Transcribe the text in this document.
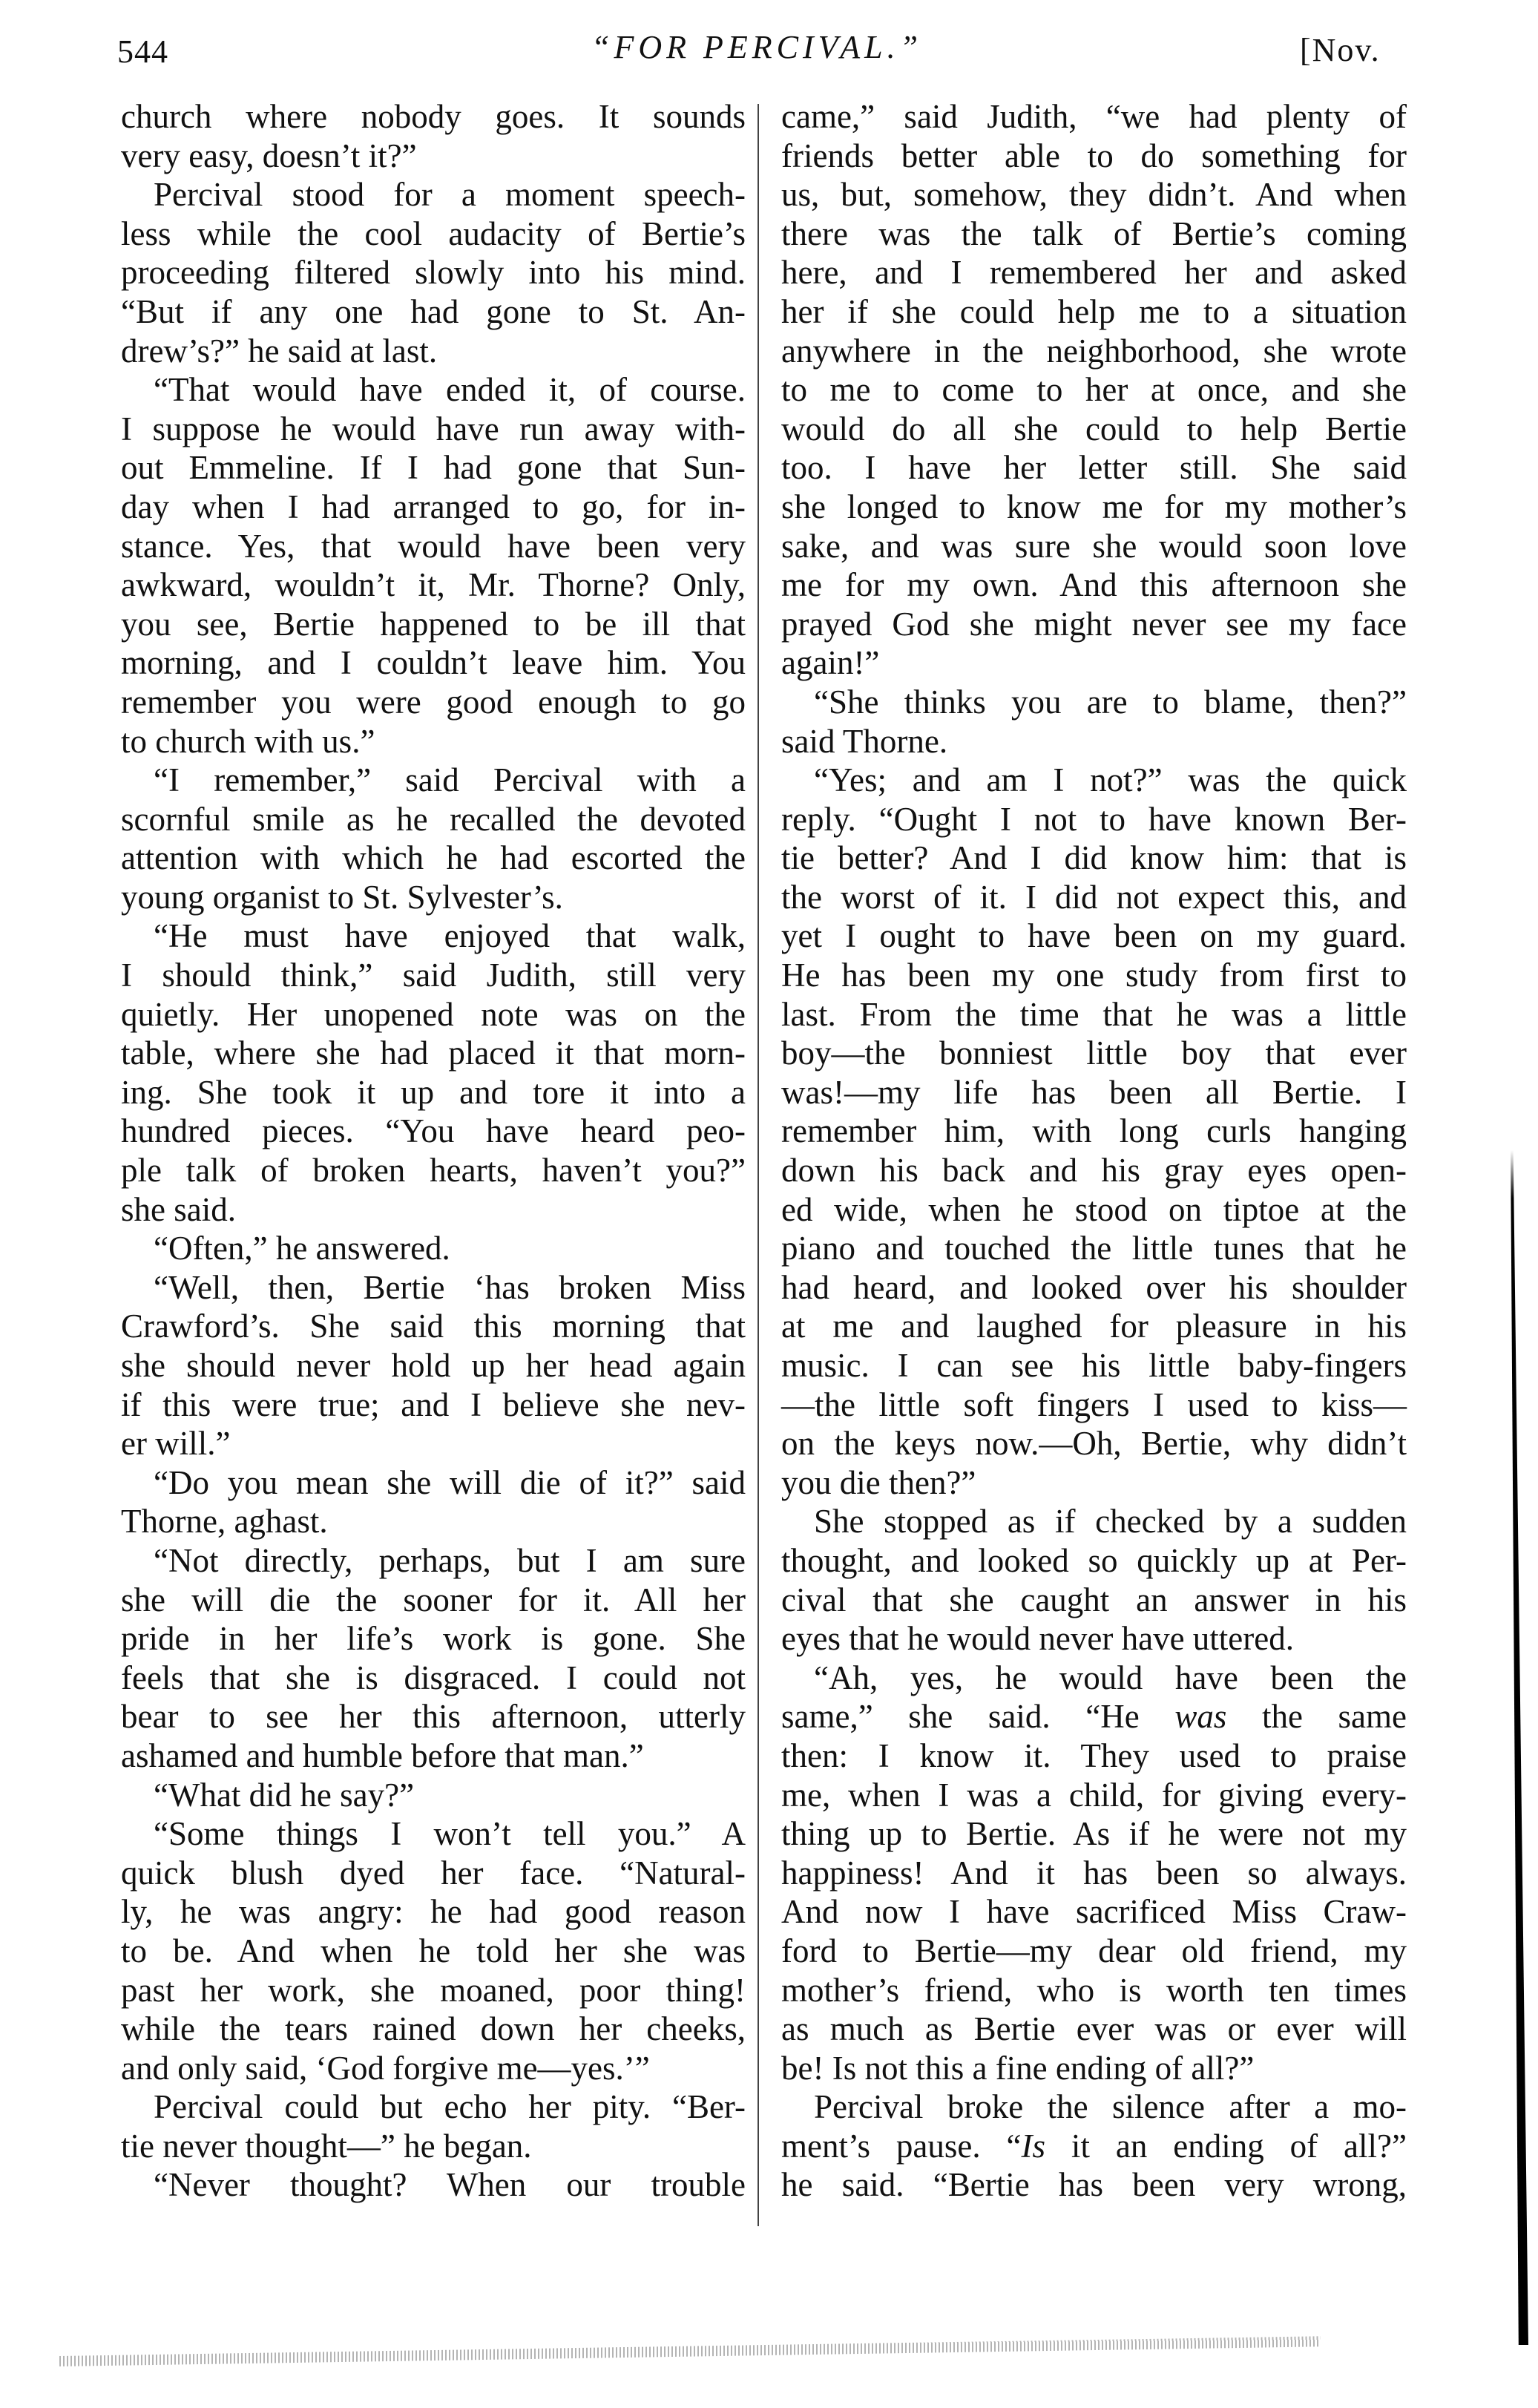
544	“FOR PERCIVAL.”	[Nov.
church where nobody goes. It sounds
very easy, doesn’t it?”
Percival stood for a moment speech-
less while the cool audacity of Bertie’s
proceeding filtered slowly into his mind.
“But if any one had gone to St. An-
drew’s?” he said at last.
“That would have ended it, of course.
I suppose he would have run away with-
out Emmeline. If I had gone that Sun-
day when I had arranged to go, for in-
stance. Yes, that would have been very
awkward, wouldn’t it, Mr. Thorne? Only,
you see, Bertie happened to be ill that
morning, and I couldn’t leave him. You
remember you were good enough to go
to church with us.”
“I remember,” said Percival with a
scornful smile as he recalled the devoted
attention with which he had escorted the
young organist to St. Sylvester’s.
“He must have enjoyed that walk,
I should think,” said Judith, still very
quietly. Her unopened note was on the
table, where she had placed it that morn-
ing. She took it up and tore it into a
hundred pieces. “You have heard peo-
ple talk of broken hearts, haven’t you?”
she said.
“Often,” he answered.
“Well, then, Bertie ‘has broken Miss
Crawford’s. She said this morning that
she should never hold up her head again
if this were true; and I believe she nev-
er will.”
“Do you mean she will die of it?” said
Thorne, aghast.
“Not directly, perhaps, but I am sure
she will die the sooner for it. All her
pride in her life’s work is gone. She
feels that she is disgraced. I could not
bear to see her this afternoon, utterly
ashamed and humble before that man.”
“What did he say?”
“Some things I won’t tell you.” A
quick blush dyed her face. “Natural-
ly, he was angry: he had good reason
to be. And when he told her she was
past her work, she moaned, poor thing!
while the tears rained down her cheeks,
and only said, ‘God forgive me—yes.’”
Percival could but echo her pity. “Ber-
tie never thought—” he began.
“Never thought? When our trouble
came,” said Judith, “we had plenty of
friends better able to do something for
us, but, somehow, they didn’t. And when
there was the talk of Bertie’s coming
here, and I remembered her and asked
her if she could help me to a situation
anywhere in the neighborhood, she wrote
to me to come to her at once, and she
would do all she could to help Bertie
too. I have her letter still. She said
she longed to know me for my mother’s
sake, and was sure she would soon love
me for my own. And this afternoon she
prayed God she might never see my face
again!”
“She thinks you are to blame, then?”
said Thorne.
“Yes; and am I not?” was the quick
reply. “Ought I not to have known Ber-
tie better? And I did know him: that is
the worst of it. I did not expect this, and
yet I ought to have been on my guard.
He has been my one study from first to
last. From the time that he was a little
boy—the bonniest little boy that ever
was!—my life has been all Bertie. I
remember him, with long curls hanging
down his back and his gray eyes open-
ed wide, when he stood on tiptoe at the
piano and touched the little tunes that he
had heard, and looked over his shoulder
at me and laughed for pleasure in his
music. I can see his little baby-fingers
—the little soft fingers I used to kiss—
on the keys now.—Oh, Bertie, why didn’t
you die then?”
She stopped as if checked by a sudden
thought, and looked so quickly up at Per-
cival that she caught an answer in his
eyes that he would never have uttered.
“Ah, yes, he would have been the
same,” she said. “He was the same
then: I know it. They used to praise
me, when I was a child, for giving every-
thing up to Bertie. As if he were not my
happiness! And it has been so always.
And now I have sacrificed Miss Craw-
ford to Bertie—my dear old friend, my
mother’s friend, who is worth ten times
as much as Bertie ever was or ever will
be! Is not this a fine ending of all?”
Percival broke the silence after a mo-
ment’s pause. “Is it an ending of all?”
he said. “Bertie has been very wrong,
